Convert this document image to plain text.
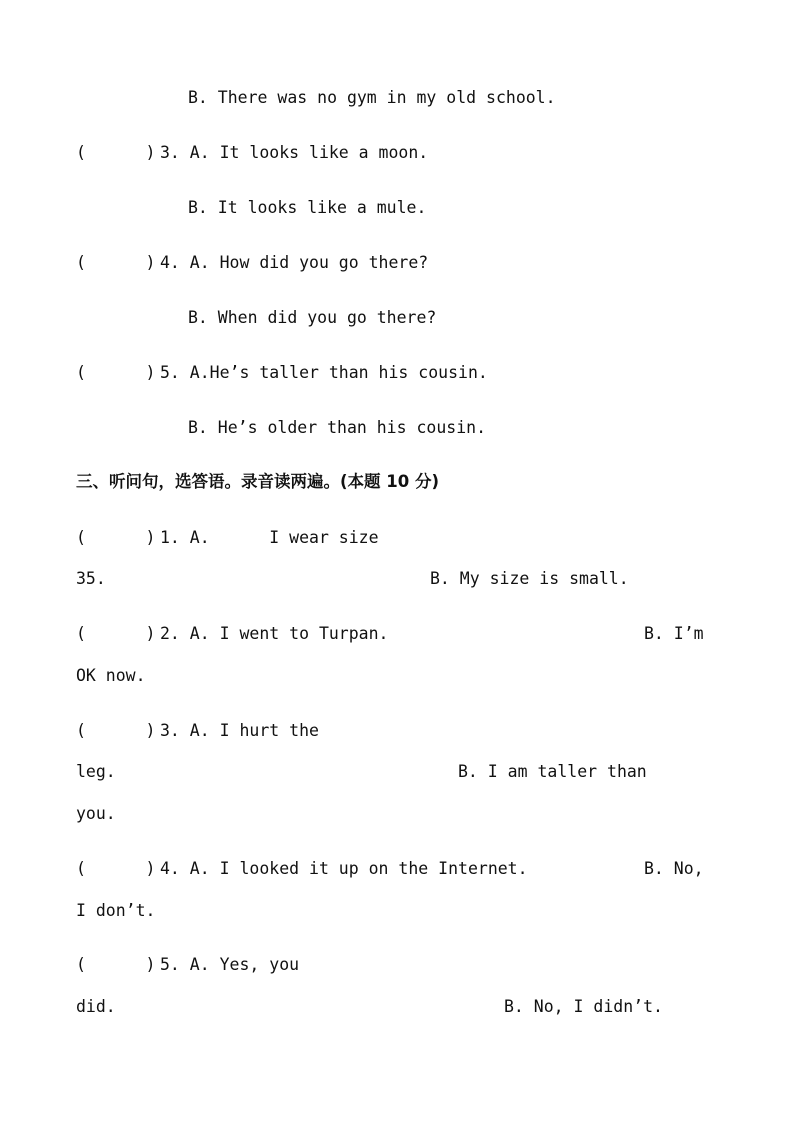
B. There was no gym in my old school.
(      ) 3. A. It looks like a moon.
B. It looks like a mule.
(      ) 4. A. How did you go there?
B. When did you go there?
(      ) 5. A.He’s taller than his cousin.
B. He’s older than his cousin.
三、听问句，选答语。录音读两遍。(本题 10 分)
(      ) 1. A.      I wear size
35.	B. My size is small.
(      ) 2. A. I went to Turpan.	B. I’m
OK now.
(      ) 3. A. I hurt the
leg.	B. I am taller than
you.
(      ) 4. A. I looked it up on the Internet.	B. No,
I don’t.
(      ) 5. A. Yes, you
did.	B. No, I didn’t.
